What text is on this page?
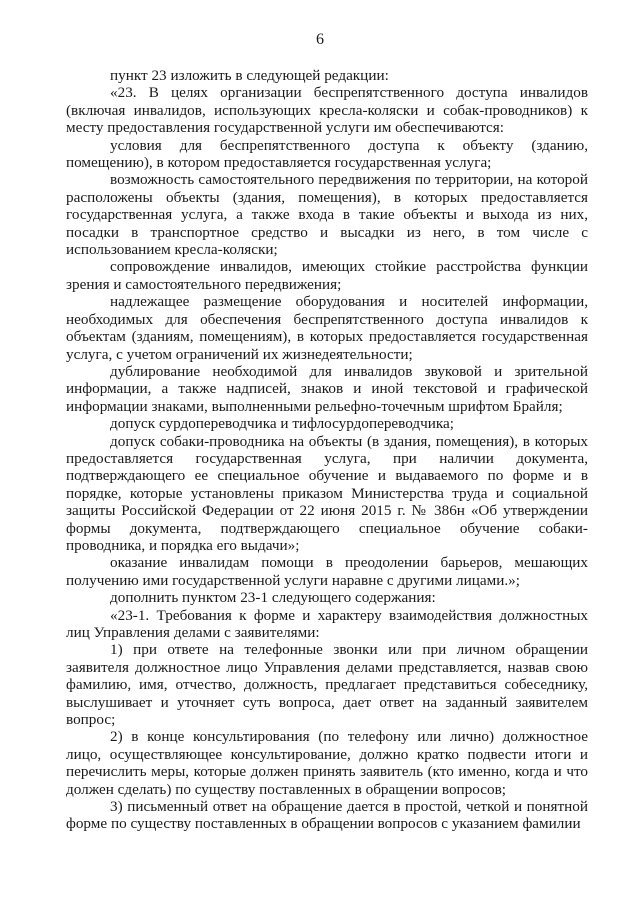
6

пункт 23 изложить в следующей редакции:

«23. В целях организации беспрепятственного доступа инвалидов (включая инвалидов, использующих кресла-коляски и собак-проводников) к месту предоставления государственной услуги им обеспечиваются:

условия для беспрепятственного доступа к объекту (зданию, помещению), в котором предоставляется государственная услуга;

возможность самостоятельного передвижения по территории, на которой расположены объекты (здания, помещения), в которых предоставляется государственная услуга, а также входа в такие объекты и выхода из них, посадки в транспортное средство и высадки из него, в том числе с использованием кресла-коляски;

сопровождение инвалидов, имеющих стойкие расстройства функции зрения и самостоятельного передвижения;

надлежащее размещение оборудования и носителей информации, необходимых для обеспечения беспрепятственного доступа инвалидов к объектам (зданиям, помещениям), в которых предоставляется государственная услуга, с учетом ограничений их жизнедеятельности;

дублирование необходимой для инвалидов звуковой и зрительной информации, а также надписей, знаков и иной текстовой и графической информации знаками, выполненными рельефно-точечным шрифтом Брайля;

допуск сурдопереводчика и тифлосурдопереводчика;

допуск собаки-проводника на объекты (в здания, помещения), в которых предоставляется государственная услуга, при наличии документа, подтверждающего ее специальное обучение и выдаваемого по форме и в порядке, которые установлены приказом Министерства труда и социальной защиты Российской Федерации от 22 июня 2015 г. № 386н «Об утверждении формы документа, подтверждающего специальное обучение собаки-проводника, и порядка его выдачи»;

оказание инвалидам помощи в преодолении барьеров, мешающих получению ими государственной услуги наравне с другими лицами.»;

дополнить пунктом 23-1 следующего содержания:

«23-1. Требования к форме и характеру взаимодействия должностных лиц Управления делами с заявителями:

1) при ответе на телефонные звонки или при личном обращении заявителя должностное лицо Управления делами представляется, назвав свою фамилию, имя, отчество, должность, предлагает представиться собеседнику, выслушивает и уточняет суть вопроса, дает ответ на заданный заявителем вопрос;

2) в конце консультирования (по телефону или лично) должностное лицо, осуществляющее консультирование, должно кратко подвести итоги и перечислить меры, которые должен принять заявитель (кто именно, когда и что должен сделать) по существу поставленных в обращении вопросов;

3) письменный ответ на обращение дается в простой, четкой и понятной форме по существу поставленных в обращении вопросов с указанием фамилии
